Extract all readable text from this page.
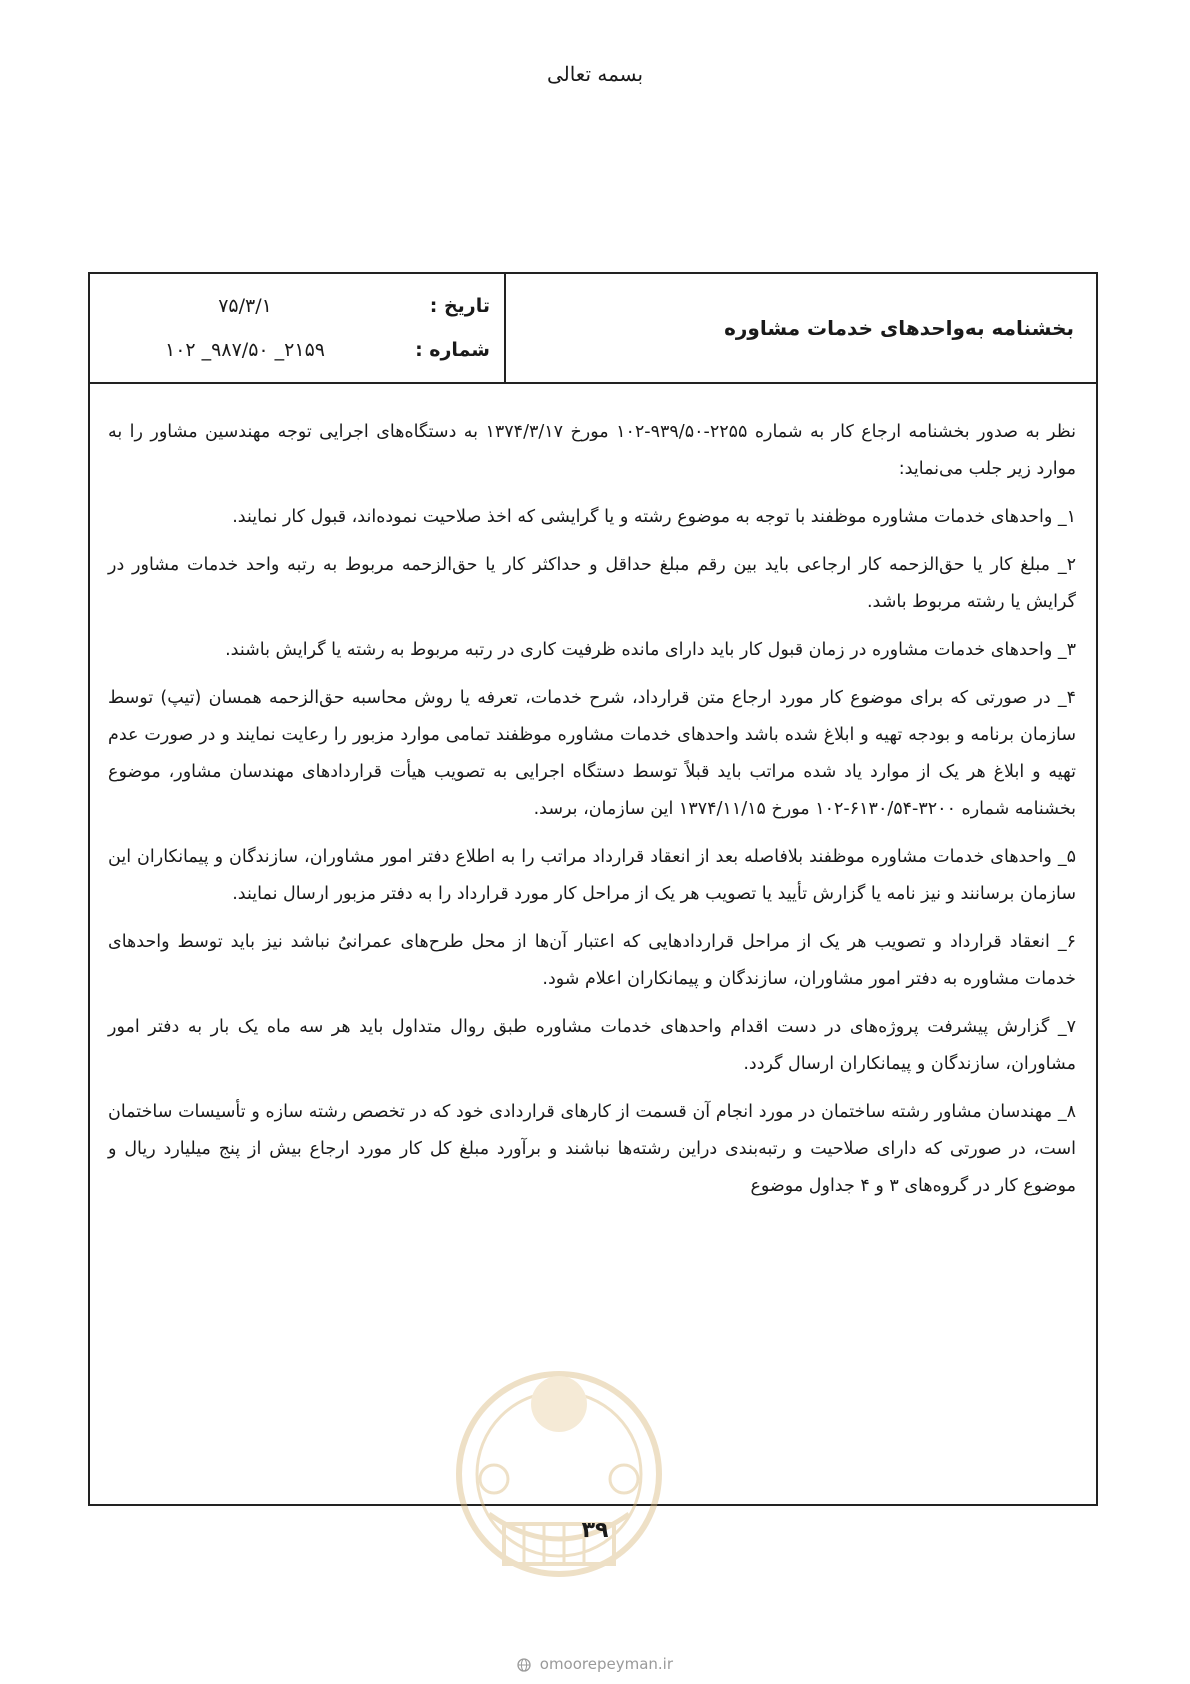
بسمه تعالی
بخشنامه به‌واحدهای خدمات مشاوره
تاریخ :
۷۵/۳/۱
شماره :
۲۱۵۹_ ۹۸۷/۵۰_ ۱۰۲

نظر به صدور بخشنامه ارجاع کار به شماره ۲۲۵۵-۹۳۹/۵۰-۱۰۲ مورخ ۱۳۷۴/۳/۱۷ به دستگاه‌های اجرایی توجه مهندسین مشاور را به موارد زیر جلب می‌نماید:

۱_ واحدهای خدمات مشاوره موظفند با توجه به موضوع رشته و یا گرایشی که اخذ صلاحیت نموده‌اند، قبول کار نمایند.

۲_ مبلغ کار یا حق‌الزحمه کار ارجاعی باید بین رقم مبلغ حداقل و حداکثر کار یا حق‌الزحمه مربوط به رتبه واحد خدمات مشاور در گرایش یا رشته مربوط باشد.

۳_ واحدهای خدمات مشاوره در زمان قبول کار باید دارای مانده ظرفیت کاری در رتبه مربوط به رشته یا گرایش باشند.

۴_ در صورتی که برای موضوع کار مورد ارجاع متن قرارداد، شرح خدمات، تعرفه یا روش محاسبه حق‌الزحمه همسان (تیپ) توسط سازمان برنامه و بودجه تهیه و ابلاغ شده باشد واحدهای خدمات مشاوره موظفند تمامی موارد مزبور را رعایت نمایند و در صورت عدم تهیه و ابلاغ هر یک از موارد یاد شده مراتب باید قبلاً توسط دستگاه اجرایی به تصویب هیأت قراردادهای مهندسان مشاور، موضوع بخشنامه شماره ۳۲۰۰-۶۱۳۰/۵۴-۱۰۲ مورخ ۱۳۷۴/۱۱/۱۵ این سازمان، برسد.

۵_ واحدهای خدمات مشاوره موظفند بلافاصله بعد از انعقاد قرارداد مراتب را به اطلاع دفتر امور مشاوران، سازندگان و پیمانکاران این سازمان برسانند و نیز نامه یا گزارش تأیید یا تصویب هر یک از مراحل کار مورد قرارداد را به دفتر مزبور ارسال نمایند.

۶_ انعقاد قرارداد و تصویب هر یک از مراحل قراردادهایی که اعتبار آن‌ها از محل طرح‌های عمرانیُ نباشد نیز باید توسط واحدهای خدمات مشاوره به دفتر امور مشاوران، سازندگان و پیمانکاران اعلام شود.

۷_ گزارش پیشرفت پروژه‌های در دست اقدام واحدهای خدمات مشاوره طبق روال متداول باید هر سه ماه یک بار به دفتر امور مشاوران، سازندگان و پیمانکاران ارسال گردد.

۸_ مهندسان مشاور رشته ساختمان در مورد انجام آن قسمت از کارهای قراردادی خود که در تخصص رشته سازه و تأسیسات ساختمان است، در صورتی که دارای صلاحیت و رتبه‌بندی دراین رشته‌ها نباشند و برآورد مبلغ کل کار مورد ارجاع بیش از پنج میلیارد ریال و موضوع کار در گروه‌های ۳ و ۴ جداول موضوع

۳۹
omoorepeyman.ir
